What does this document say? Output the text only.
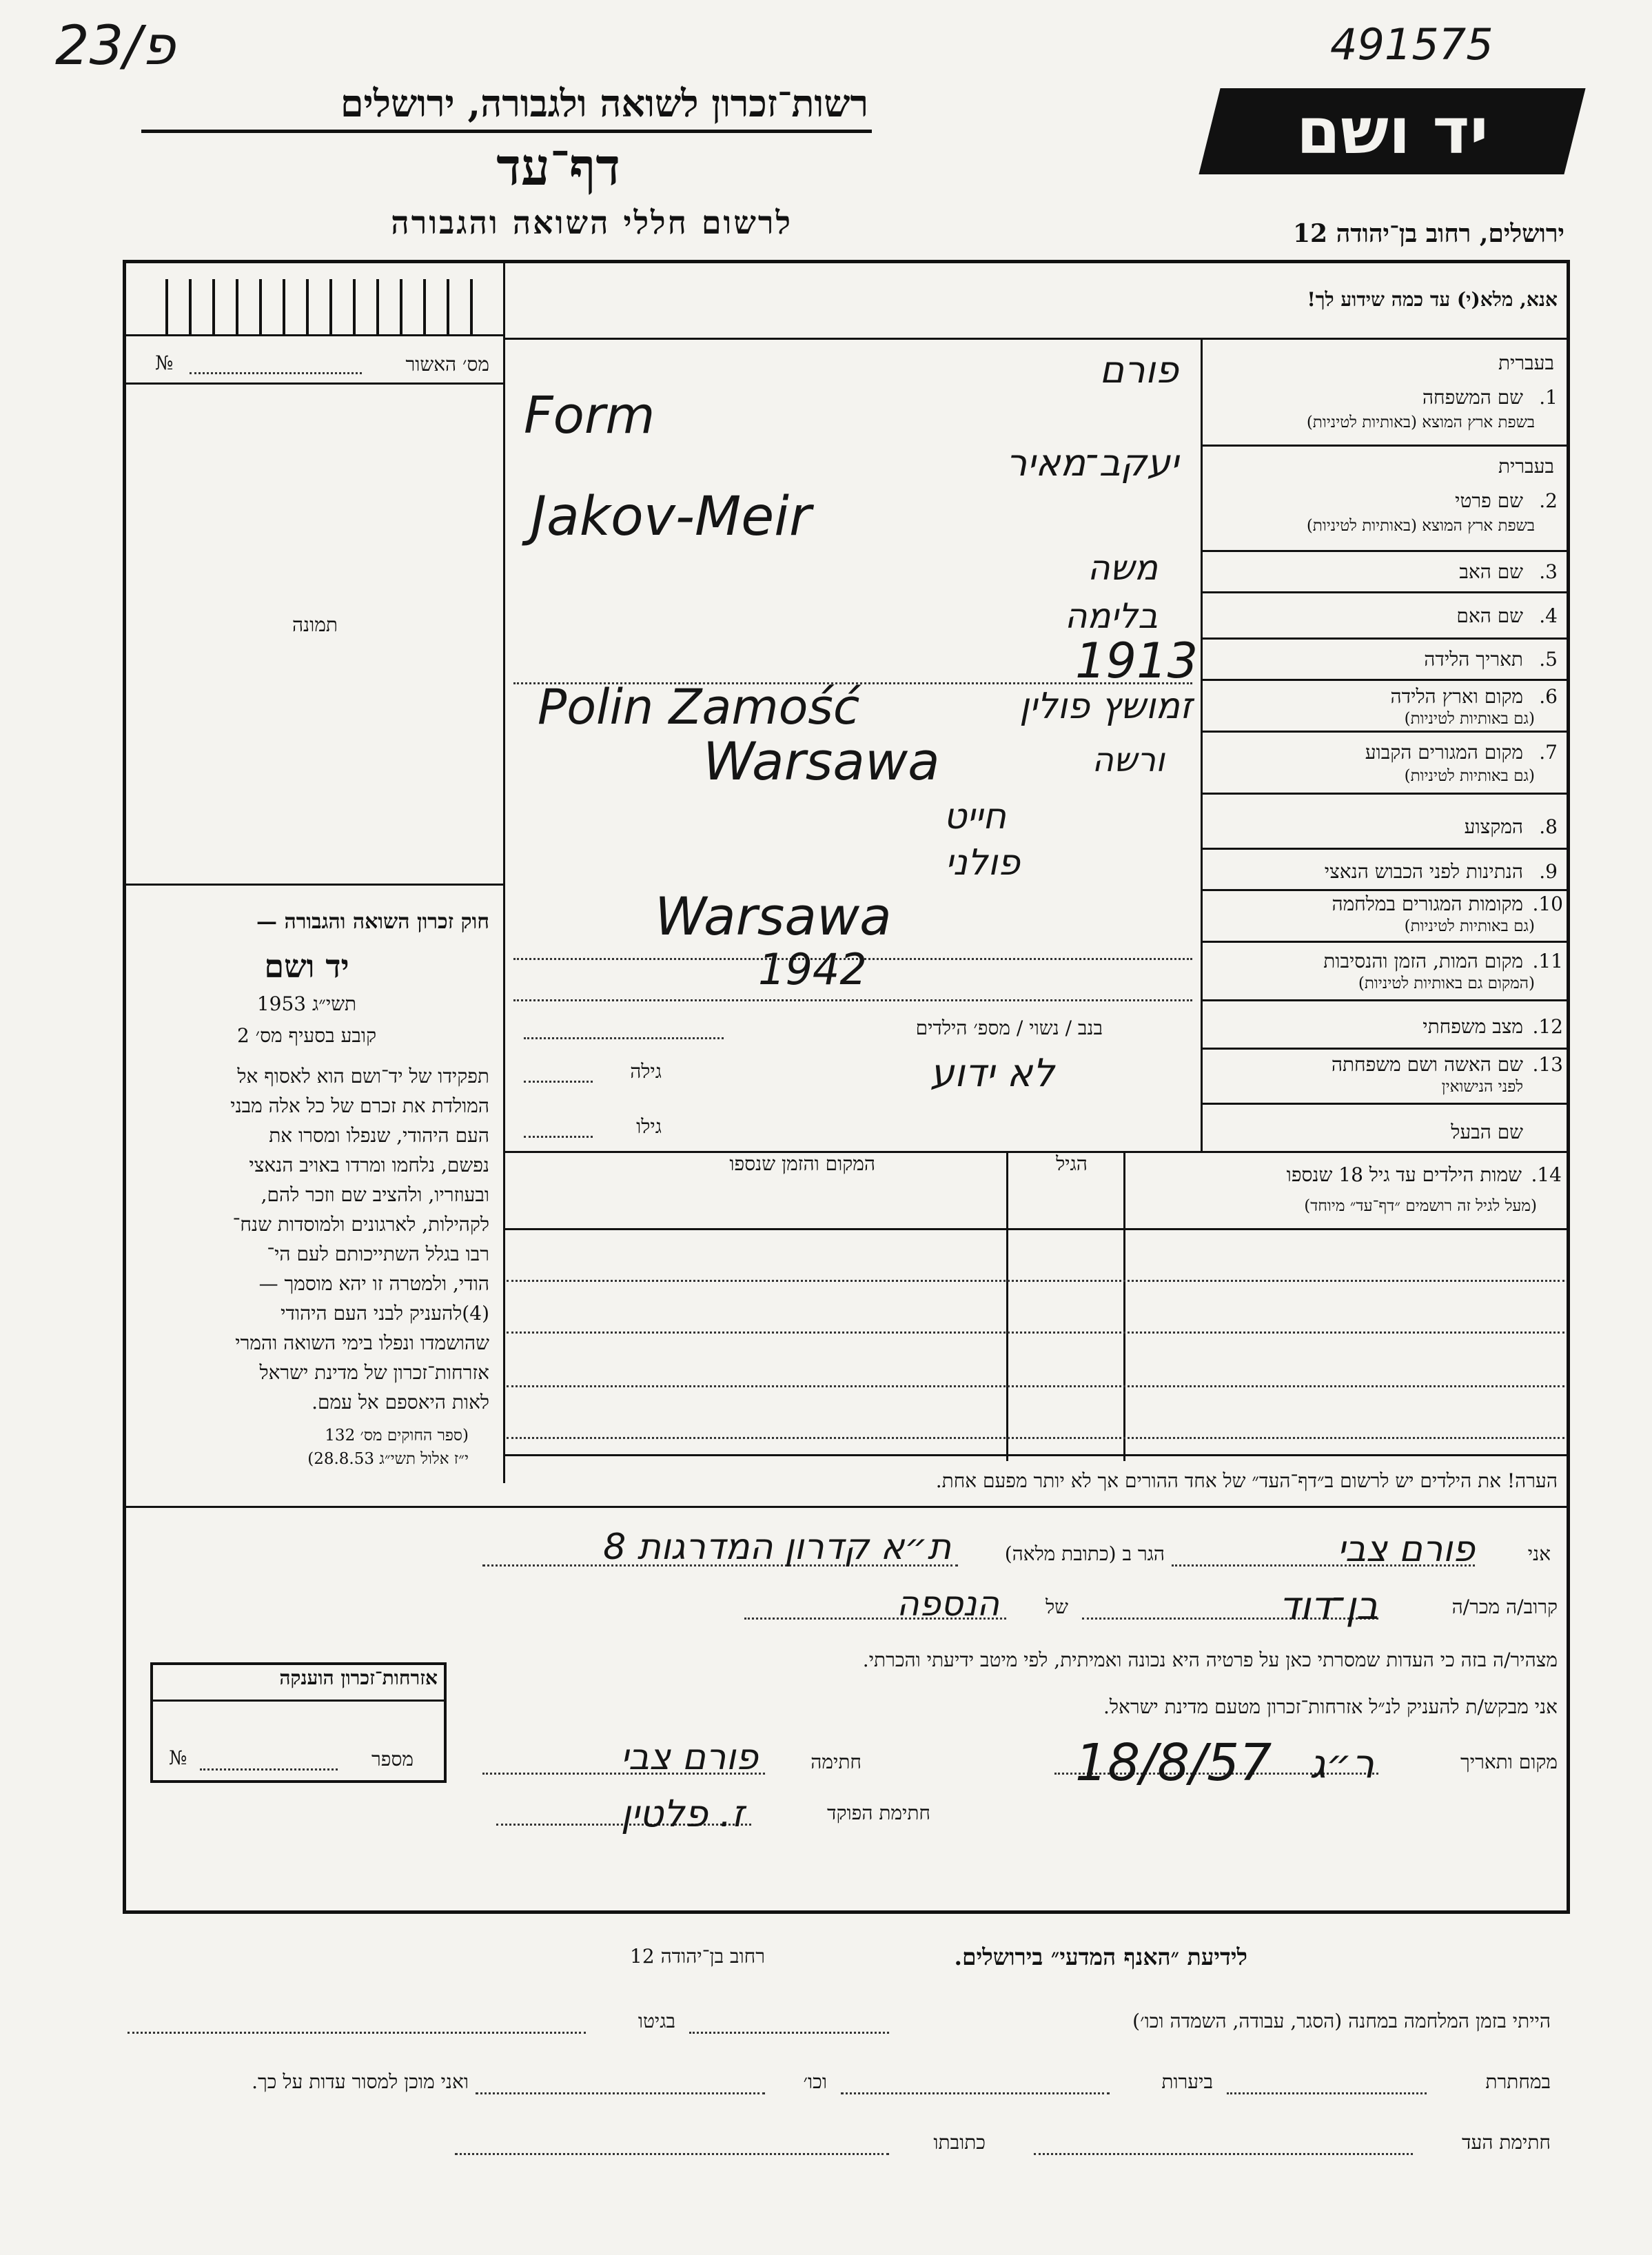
23/פ	491575
רשות־זכרון לשואה ולגבורה, ירושלים
דף־עד
לרשום חללי השואה והגבורה
יד ושם
ירושלים, רחוב בן־יהודה 12
מס׳ האשור
№
תמונה
חוק זכרון השואה והגבורה —
יד ושם
תשי״ג 1953
קובע בסעיף מס׳ 2
תפקידו של יד־ושם הוא לאסוף אל
המולדת את זכרם של כל אלה מבני
העם היהודי, שנפלו ומסרו את
נפשם, נלחמו ומרדו באויב הנאצי
ובעוזריו, ולהציב שם וזכר להם,
לקהילות, לארגונים ולמוסדות שנח־
רבו בגלל השתייכותם לעם הי־
הודי, ולמטרה זו יהא מוסמך —
(4)להעניק לבני העם היהודי
שהושמדו ונפלו בימי השואה והמרי
אזרחות־זכרון של מדינת ישראל
לאות היאספם אל עמם.
(ספר החוקים מס׳ 132
י״ז אלול תשי״ג 28.8.53)
אנא, מלא(י) עד כמה שידוע לך!
בעברית
1.
שם המשפחה
בשפת ארץ המוצא (באותיות לטיניות)
בעברית
2.
שם פרטי
בשפת ארץ המוצא (באותיות לטיניות)
3.
שם האב
4.
שם האם
5.
תאריך הלידה
6.
מקום וארץ הלידה
(גם באותיות לטיניות)
7.
מקום המגורים הקבוע
(גם באותיות לטיניות)
8.
המקצוע
9.
הנתינות לפני הכבוש הנאצי
10.
מקומות המגורים במלחמה
(גם באותיות לטיניות)
11.
מקום המות, הזמן והנסיבות
(המקום גם באותיות לטיניות)
12.
מצב משפחתי
13.
שם האשה ושם משפחתה
לפני הנישואין
שם הבעל
בנב / נשוי / מספ׳ הילדים
גילה
גילו
14.
שמות הילדים עד גיל 18 שנספו
(מעל לגיל זה רושמים ״דף־עד״ מיוחד)
הגיל
המקום והזמן שנספו
הערה! את הילדים יש לרשום ב״דף־העד״ של אחד ההורים אך לא יותר מפעם אחת.
אני
הגר ב (כתובת מלאה)
קרוב/ה מכר/ה
של
מצהיר/ה בזה כי העדות שמסרתי כאן על פרטיה היא נכונה ואמיתית, לפי מיטב ידיעתי והכרתי.
אני מבקש/ת להעניק לנ״ל אזרחות־זכרון מטעם מדינת ישראל.
מקום ותאריך
חתימה
חתימת הפוקד
אזרחות־זכרון הוענקה
מספר
№
לידיעת ״האנף המדעי״ בירושלים.
רחוב בן־יהודה 12
הייתי בזמן המלחמה במחנה (הסגר, עבודה, השמדה וכו׳)
בגיטו
במחתרת
ביערות
וכו׳
ואני מוכן למסור עדות על כך.
חתימת העד
כתובתו
פורם
Form
יעקב־מאיר
Jakov-Meir
משה
בלימה
1913
Polin Zamość	זמושץ פולין
ורשה
Warsawa
חייט
פולני
Warsawa
1942
לא ידוע
פורם צבי
ת״א קדרון המדרגות 8
בן־דוד
הנספה
18/8/57 ר״ג
פורם צבי
ז. פלטין
